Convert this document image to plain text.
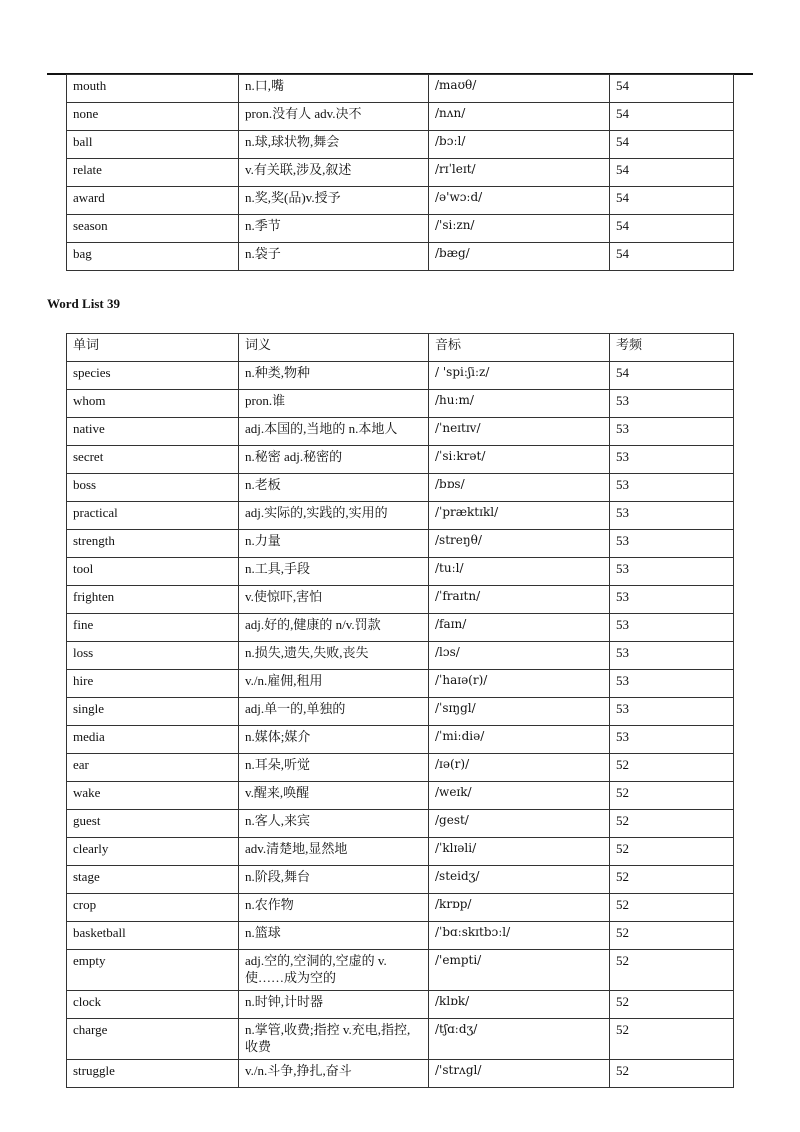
mouth	n.口,嘴	/maʊθ/	54
none	pron.没有人 adv.决不	/nʌn/	54
ball	n.球,球状物,舞会	/bɔːl/	54
relate	v.有关联,涉及,叙述	/rɪˈleɪt/	54
award	n.奖,奖(品)v.授予	/ə'wɔːd/	54
season	n.季节	/'siːzn/	54
bag	n.袋子	/bæg/	54
Word List 39
单词	词义	音标	考频
species	n.种类,物种	/ 'spiːʃiːz/	54
whom	pron.谁	/huːm/	53
native	adj.本国的,当地的 n.本地人	/ˈneɪtɪv/	53
secret	n.秘密 adj.秘密的	/ˈsiːkrət/	53
boss	n.老板	/bɒs/	53
practical	adj.实际的,实践的,实用的	/ˈpræktɪkl/	53
strength	n.力量	/streŋθ/	53
tool	n.工具,手段	/tuːl/	53
frighten	v.使惊吓,害怕	/ˈfraɪtn/	53
fine	adj.好的,健康的 n/v.罚款	/faɪn/	53
loss	n.损失,遗失,失败,丧失	/lɔs/	53
hire	v./n.雇佣,租用	/ˈhaɪə(r)/	53
single	adj.单一的,单独的	/ˈsɪŋgl/	53
media	n.媒体;媒介	/ˈmiːdiə/	53
ear	n.耳朵,听觉	/ɪə(r)/	52
wake	v.醒来,唤醒	/weɪk/	52
guest	n.客人,来宾	/gest/	52
clearly	adv.清楚地,显然地	/ˈklɪəli/	52
stage	n.阶段,舞台	/steidʒ/	52
crop	n.农作物	/krɒp/	52
basketball	n.篮球	/ˈbɑːskɪtbɔːl/	52
empty	adj.空的,空洞的,空虚的 v.使……成为空的	/'empti/	52
clock	n.时钟,计时器	/klɒk/	52
charge	n.掌管,收费;指控 v.充电,指控,收费	/tʃɑːdʒ/	52
struggle	v./n.斗争,挣扎,奋斗	/'strʌgl/	52
